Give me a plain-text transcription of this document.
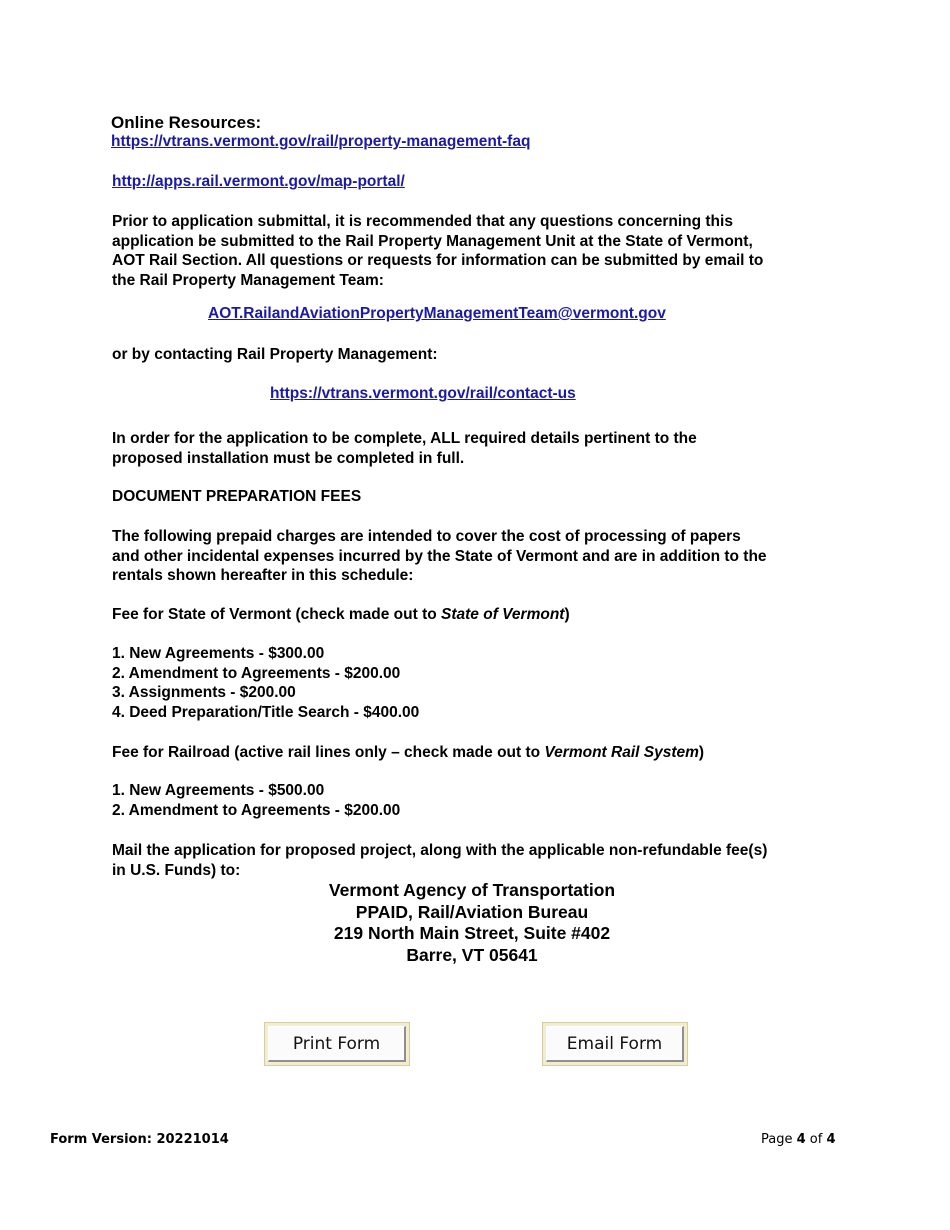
Online Resources:
https://vtrans.vermont.gov/rail/property-management-faq
http://apps.rail.vermont.gov/map-portal/
Prior to application submittal, it is recommended that any questions concerning this
application be submitted to the Rail Property Management Unit at the State of Vermont,
AOT Rail Section. All questions or requests for information can be submitted by email to
the Rail Property Management Team:
AOT.RailandAviationPropertyManagementTeam@vermont.gov
or by contacting Rail Property Management:
https://vtrans.vermont.gov/rail/contact-us
In order for the application to be complete, ALL required details pertinent to the
proposed installation must be completed in full.
DOCUMENT PREPARATION FEES
The following prepaid charges are intended to cover the cost of processing of papers
and other incidental expenses incurred by the State of Vermont and are in addition to the
rentals shown hereafter in this schedule:
Fee for State of Vermont (check made out to State of Vermont)
1. New Agreements - $300.00
2. Amendment to Agreements - $200.00
3. Assignments - $200.00
4. Deed Preparation/Title Search - $400.00
Fee for Railroad (active rail lines only – check made out to Vermont Rail System)
1. New Agreements - $500.00
2. Amendment to Agreements - $200.00
Mail the application for proposed project, along with the applicable non-refundable fee(s)
in U.S. Funds) to:
Vermont Agency of Transportation
PPAID, Rail/Aviation Bureau
219 North Main Street, Suite #402
Barre, VT 05641
Print Form	Email Form
Form Version: 20221014	Page 4 of 4
